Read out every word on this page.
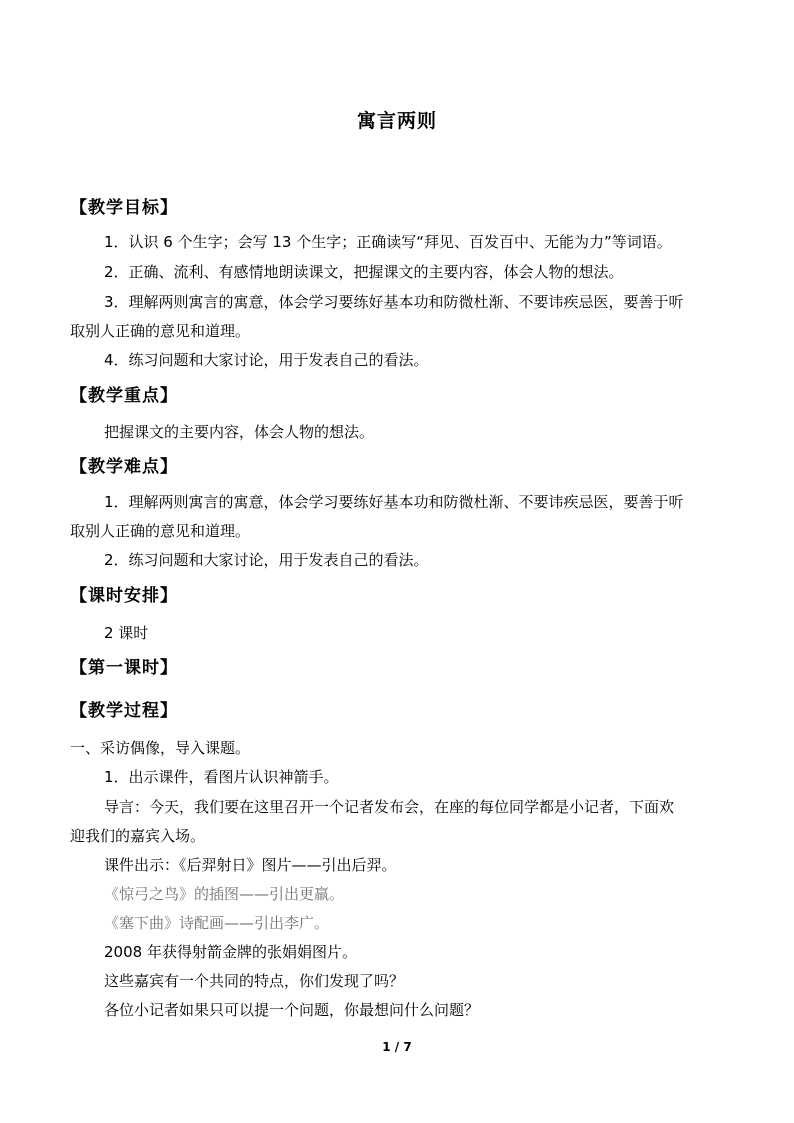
寓言两则
【教学目标】
1．认识 6 个生字；会写 13 个生字；正确读写“拜见、百发百中、无能为力”等词语。
2．正确、流利、有感情地朗读课文，把握课文的主要内容，体会人物的想法。
3．理解两则寓言的寓意，体会学习要练好基本功和防微杜渐、不要讳疾忌医，要善于听
取别人正确的意见和道理。
4．练习问题和大家讨论，用于发表自己的看法。
【教学重点】
把握课文的主要内容，体会人物的想法。
【教学难点】
1．理解两则寓言的寓意，体会学习要练好基本功和防微杜渐、不要讳疾忌医，要善于听
取别人正确的意见和道理。
2．练习问题和大家讨论，用于发表自己的看法。
【课时安排】
2 课时
【第一课时】
【教学过程】
一、采访偶像，导入课题。
1．出示课件，看图片认识神箭手。
导言：今天，我们要在这里召开一个记者发布会，在座的每位同学都是小记者，下面欢
迎我们的嘉宾入场。
课件出示：《后羿射日》图片——引出后羿。
《惊弓之鸟》的插图——引出更羸。
《塞下曲》诗配画——引出李广。
2008 年获得射箭金牌的张娟娟图片。
这些嘉宾有一个共同的特点，你们发现了吗？
各位小记者如果只可以提一个问题，你最想问什么问题？
1 / 7
